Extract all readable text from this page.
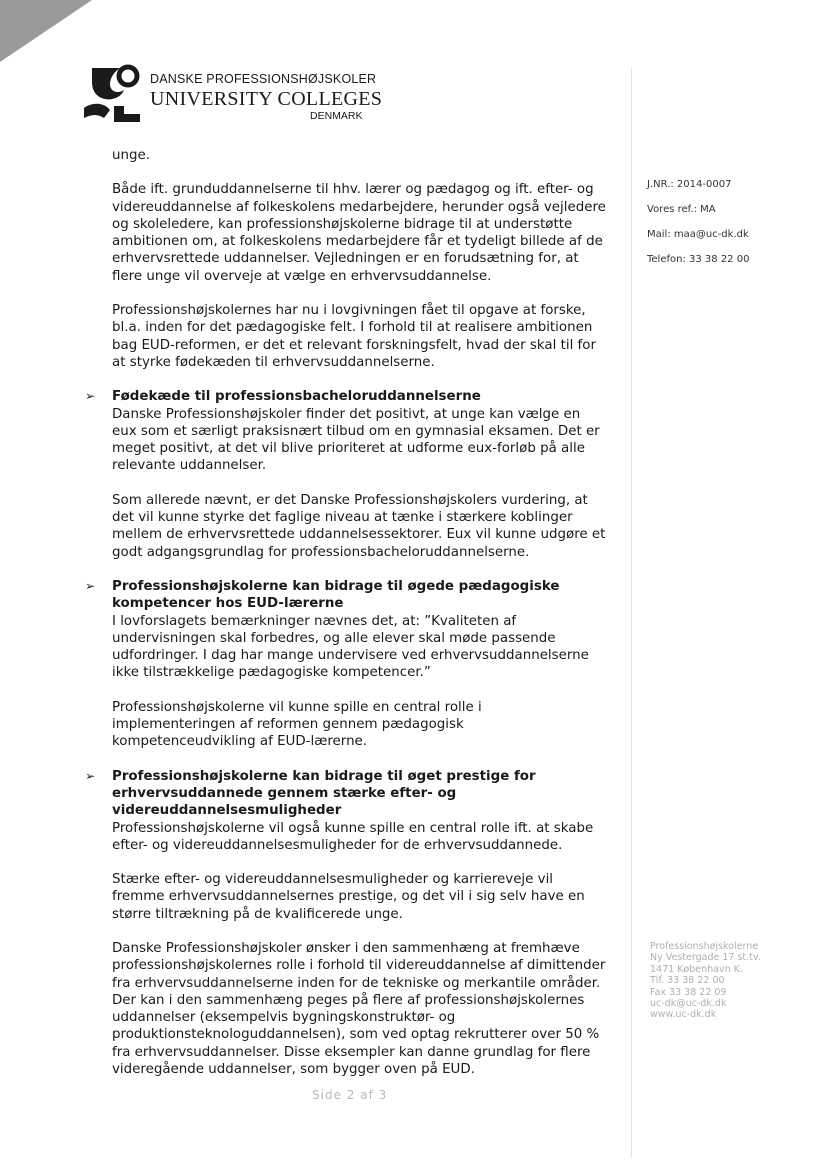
DANSKE PROFESSIONSHØJSKOLER
UNIVERSITY COLLEGES
DENMARK

unge.

Både ift. grunduddannelserne til hhv. lærer og pædagog og ift. efter- og videreuddannelse af folkeskolens medarbejdere, herunder også vejledere og skoleledere, kan professionshøjskolerne bidrage til at understøtte ambitionen om, at folkeskolens medarbejdere får et tydeligt billede af de erhvervsrettede uddannelser. Vejledningen er en forudsætning for, at flere unge vil overveje at vælge en erhvervsuddannelse.

Professionshøjskolernes har nu i lovgivningen fået til opgave at forske, bl.a. inden for det pædagogiske felt. I forhold til at realisere ambitionen bag EUD-reformen, er det et relevant forskningsfelt, hvad der skal til for at styrke fødekæden til erhvervsuddannelserne.

➢ Fødekæde til professionsbacheloruddannelserne

Danske Professionshøjskoler finder det positivt, at unge kan vælge en eux som et særligt praksisnært tilbud om en gymnasial eksamen. Det er meget positivt, at det vil blive prioriteret at udforme eux-forløb på alle relevante uddannelser.

Som allerede nævnt, er det Danske Professionshøjskolers vurdering, at det vil kunne styrke det faglige niveau at tænke i stærkere koblinger mellem de erhvervsrettede uddannelsessektorer. Eux vil kunne udgøre et godt adgangsgrundlag for professionsbacheloruddannelserne.

➢ Professionshøjskolerne kan bidrage til øgede pædagogiske kompetencer hos EUD-lærerne

I lovforslagets bemærkninger nævnes det, at: ”Kvaliteten af undervisningen skal forbedres, og alle elever skal møde passende udfordringer. I dag har mange undervisere ved erhvervsuddannelserne ikke tilstrækkelige pædagogiske kompetencer.”

Professionshøjskolerne vil kunne spille en central rolle i implementeringen af reformen gennem pædagogisk kompetenceudvikling af EUD-lærerne.

➢ Professionshøjskolerne kan bidrage til øget prestige for erhvervsuddannede gennem stærke efter- og videreuddannelsesmuligheder

Professionshøjskolerne vil også kunne spille en central rolle ift. at skabe efter- og videreuddannelsesmuligheder for de erhvervsuddannede.

Stærke efter- og videreuddannelsesmuligheder og karriereveje vil fremme erhvervsuddannelsernes prestige, og det vil i sig selv have en større tiltrækning på de kvalificerede unge.

Danske Professionshøjskoler ønsker i den sammenhæng at fremhæve professionshøjskolernes rolle i forhold til videreuddannelse af dimittender fra erhvervsuddannelserne inden for de tekniske og merkantile områder. Der kan i den sammenhæng peges på flere af professionshøjskolernes uddannelser (eksempelvis bygningskonstruktør- og produktionsteknologuddannelsen), som ved optag rekrutterer over 50 % fra erhvervsuddannelser. Disse eksempler kan danne grundlag for flere videregående uddannelser, som bygger oven på EUD.

J.NR.: 2014-0007
Vores ref.: MA
Mail: maa@uc-dk.dk
Telefon: 33 38 22 00
Professionshøjskolerne
Ny Vestergade 17 st.tv.
1471 København K.
Tlf. 33 38 22 00
Fax 33 38 22 09
uc-dk@uc-dk.dk
www.uc-dk.dk
Side 2 af 3
